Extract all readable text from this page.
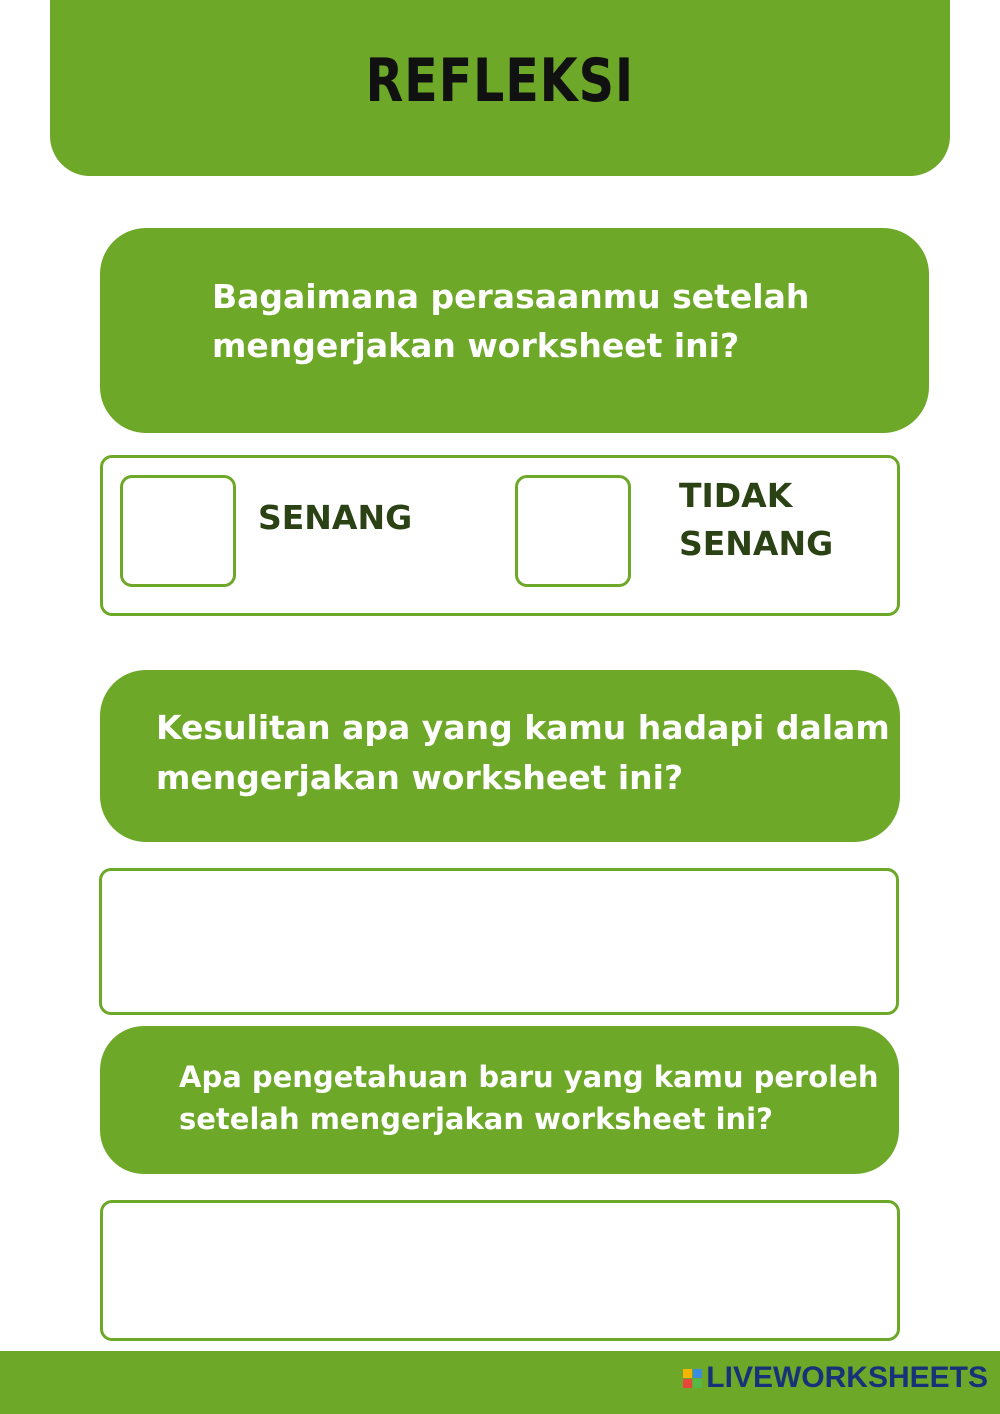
REFLEKSI

Bagaimana perasaanmu setelah

mengerjakan worksheet ini?

SENANG
TIDAK
SENANG

Kesulitan apa yang kamu hadapi dalam

mengerjakan worksheet ini?

Apa pengetahuan baru yang kamu peroleh

setelah mengerjakan worksheet ini?

LIVEWORKSHEETS
